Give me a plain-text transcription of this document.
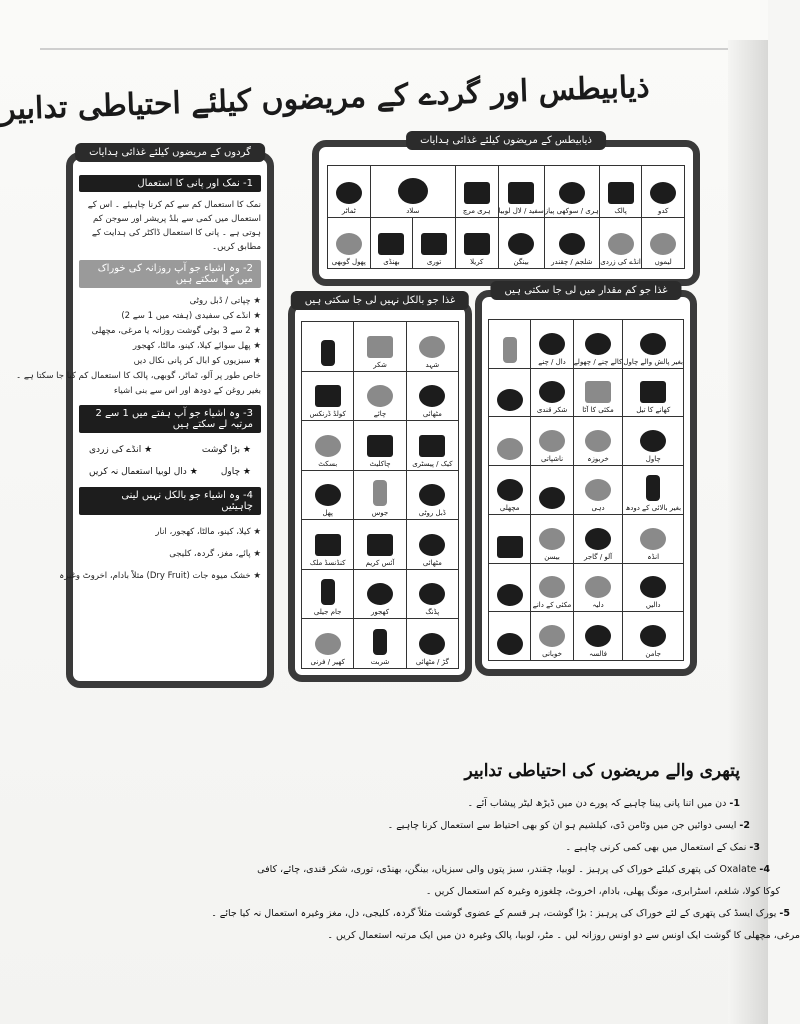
ذیابیطس اور گردے کے مریضوں کیلئے احتیاطی تدابیر
گردوں کے مریضوں کیلئے غذائی ہدایات
1- نمک اور پانی کا استعمال
نمک کا استعمال کم سے کم کرنا چاہیئے ۔ اس کے استعمال میں کمی سے بلڈ پریشر اور سوجن کم ہوتی ہے ۔ پانی کا استعمال ڈاکٹر کی ہدایت کے مطابق کریں۔
2- وہ اشیاء جو آپ روزانہ کی خوراک میں کھا سکتے ہیں
★ چپاتی / ڈبل روٹی
★ انڈے کی سفیدی (ہفتہ میں 1 سے 2)
★ 2 سے 3 بوٹی گوشت روزانہ یا مرغی، مچھلی
★ پھل سوائے کیلا، کینو، مالٹا، کھجور
★ سبزیوں کو ابال کر پانی نکال دیں
خاص طور پر آلو، ٹماٹر، گوبھی، پالک کا استعمال کم کیا جا سکتا ہے ۔
بغیر روغن کے دودھ اور اس سے بنی اشیاء
3- وہ اشیاء جو آپ ہفتے میں 1 سے 2 مرتبہ لے سکتے ہیں
★ بڑا گوشت
★ انڈے کی زردی
★ چاول
★ دال لوبیا استعمال نہ کریں
4- وہ اشیاء جو بالکل نہیں لینی چاہیئیں
★ کیلا، کینو، مالٹا، کھجور، انار
★ پائے، مغز، گردہ، کلیجی
★ خشک میوہ جات (Dry Fruit) مثلاً بادام، اخروٹ وغیرہ
ذیابیطس کے مریضوں کیلئے غذائی ہدایات
کدو
پالک
ہری / سوکھی پیاز
سفید / لال لوبیا
ہری مرچ
سلاد
ٹماٹر
لیموں
انڈے کی زردی
شلجم / چقندر
بینگن
کریلا
توری
بھنڈی
پھول گوبھی
غذا جو بالکل نہیں لی جا سکتی ہیں
شہد
شکر
مٹھائی
چائے
کولڈ ڈرنکس
کیک / پیسٹری
چاکلیٹ
بسکٹ
ڈبل روٹی
جوس
پھل
مٹھائی
آئس کریم
کنڈنسڈ ملک
پڈنگ
کھجور
جام جیلی
گڑ / مٹھائی
شربت
کھیر / فرنی
غذا جو کم مقدار میں لی جا سکتی ہیں
بغیر پالش والے چاول
کالے چنے / چھولے
دال / چنے
کھانے کا تیل
مکئی کا آٹا
شکر قندی
چاول
خربوزہ
ناشپاتی
بغیر بالائی کے دودھ
دہی
مچھلی
انڈہ
آلو / گاجر
بیسن
دالیں
دلیہ
مکئی کے دانے
جامن
فالسہ
خوبانی
پتھری والے مریضوں کی احتیاطی تدابیر
1- دن میں اتنا پانی پینا چاہیے کہ پورے دن میں ڈیڑھ لیٹر پیشاب آئے ۔
2- ایسی دوائیں جن میں وٹامن ڈی، کیلشیم ہو ان کو بھی احتیاط سے استعمال کرنا چاہیے ۔
3- نمک کے استعمال میں بھی کمی کرنی چاہیے ۔
4- Oxalate کی پتھری کیلئے خوراک کی پرہیز ۔ لوبیا، چقندر، سبز پتوں والی سبزیاں، بینگن، بھنڈی، توری، شکر قندی، چائے، کافی
کوکا کولا، شلغم، اسٹرابری، مونگ پھلی، بادام، اخروٹ، چلغوزہ وغیرہ کم استعمال کریں ۔
5- یورک ایسڈ کی پتھری کے لئے خوراک کی پرہیز : بڑا گوشت، ہر قسم کے عضوی گوشت مثلاً گردہ، کلیجی، دل، مغز وغیرہ استعمال نہ کیا جائے ۔
مرغی، مچھلی کا گوشت ایک اونس سے دو اونس روزانہ لیں ۔ مٹر، لوبیا، پالک وغیرہ دن میں ایک مرتبہ استعمال کریں ۔
